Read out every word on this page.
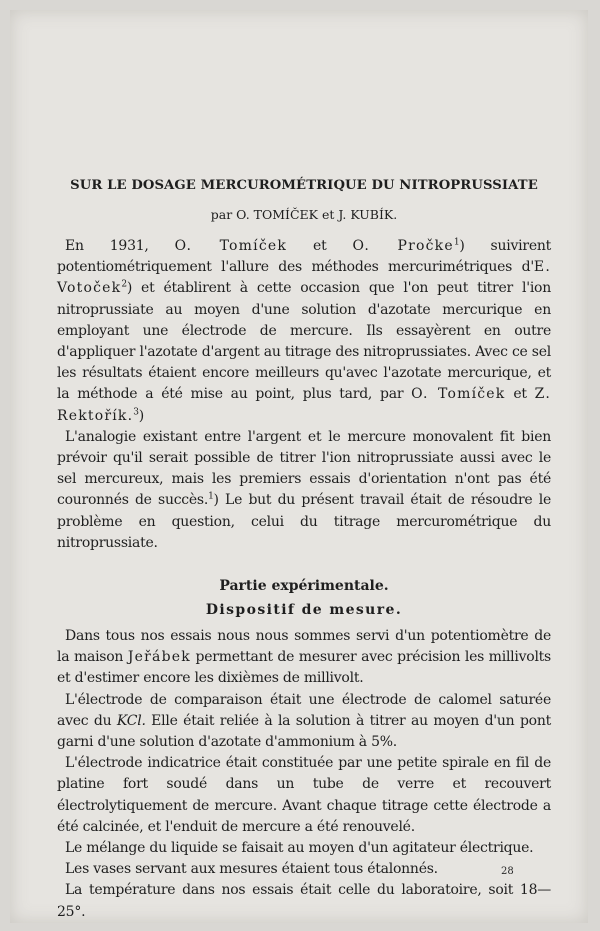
SUR LE DOSAGE MERCUROMÉTRIQUE DU NITROPRUSSIATE
par O. TOMÍČEK et J. KUBÍK.

En 1931, O. Tomíček et O. Pročke$^1$) suivirent potentiométriquement l'allure des méthodes mercurimétriques d'E. Votoček$^2$) et établirent à cette occasion que l'on peut titrer l'ion nitroprussiate au moyen d'une solution d'azotate mercurique en employant une électrode de mercure. Ils essayèrent en outre d'appliquer l'azotate d'argent au titrage des nitroprussiates. Avec ce sel les résultats étaient encore meilleurs qu'avec l'azotate mercurique, et la méthode a été mise au point, plus tard, par O. Tomíček et Z. Rektořík.$^3$)

L'analogie existant entre l'argent et le mercure monovalent fit bien prévoir qu'il serait possible de titrer l'ion nitroprussiate aussi avec le sel mercureux, mais les premiers essais d'orientation n'ont pas été couronnés de succès.$^1$) Le but du présent travail était de résoudre le problème en question, celui du titrage mercurométrique du nitroprussiate.

Partie expérimentale.
Dispositif de mesure.

Dans tous nos essais nous nous sommes servi d'un potentiomètre de la maison Jeřábek permettant de mesurer avec précision les millivolts et d'estimer encore les dixièmes de millivolt.

L'électrode de comparaison était une électrode de calomel saturée avec du KCl. Elle était reliée à la solution à titrer au moyen d'un pont garni d'une solution d'azotate d'ammonium à 5%.

L'électrode indicatrice était constituée par une petite spirale en fil de platine fort soudé dans un tube de verre et recouvert électrolytiquement de mercure. Avant chaque titrage cette électrode a été calcinée, et l'enduit de mercure a été renouvelé.

Le mélange du liquide se faisait au moyen d'un agitateur électrique.

Les vases servant aux mesures étaient tous étalonnés.

La température dans nos essais était celle du laboratoire, soit 18—25°.

28
